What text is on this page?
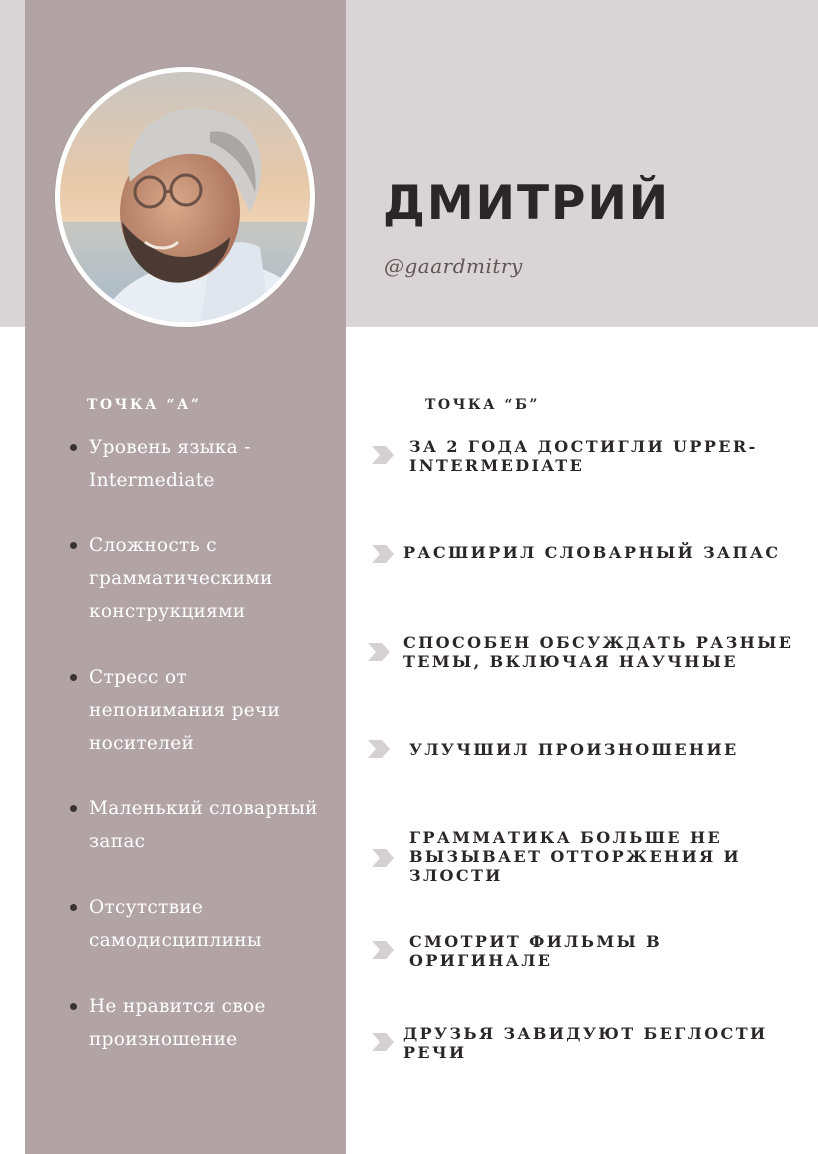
ДМИТРИЙ
@gaardmitry
ТОЧКА “А”	ТОЧКА “Б”
Уровень языка - Intermediate
Сложность с грамматическими конструкциями
Стресс от непонимания речи носителей
Маленький словарный запас
Отсутствие самодисциплины
Не нравится свое произношение
ЗА 2 ГОДА ДОСТИГЛИ UPPER-INTERMEDIATE
РАСШИРИЛ СЛОВАРНЫЙ ЗАПАС
СПОСОБЕН ОБСУЖДАТЬ РАЗНЫЕ ТЕМЫ, ВКЛЮЧАЯ НАУЧНЫЕ
УЛУЧШИЛ ПРОИЗНОШЕНИЕ
ГРАММАТИКА БОЛЬШЕ НЕ ВЫЗЫВАЕТ ОТТОРЖЕНИЯ И ЗЛОСТИ
СМОТРИТ ФИЛЬМЫ В ОРИГИНАЛЕ
ДРУЗЬЯ ЗАВИДУЮТ БЕГЛОСТИ РЕЧИ
